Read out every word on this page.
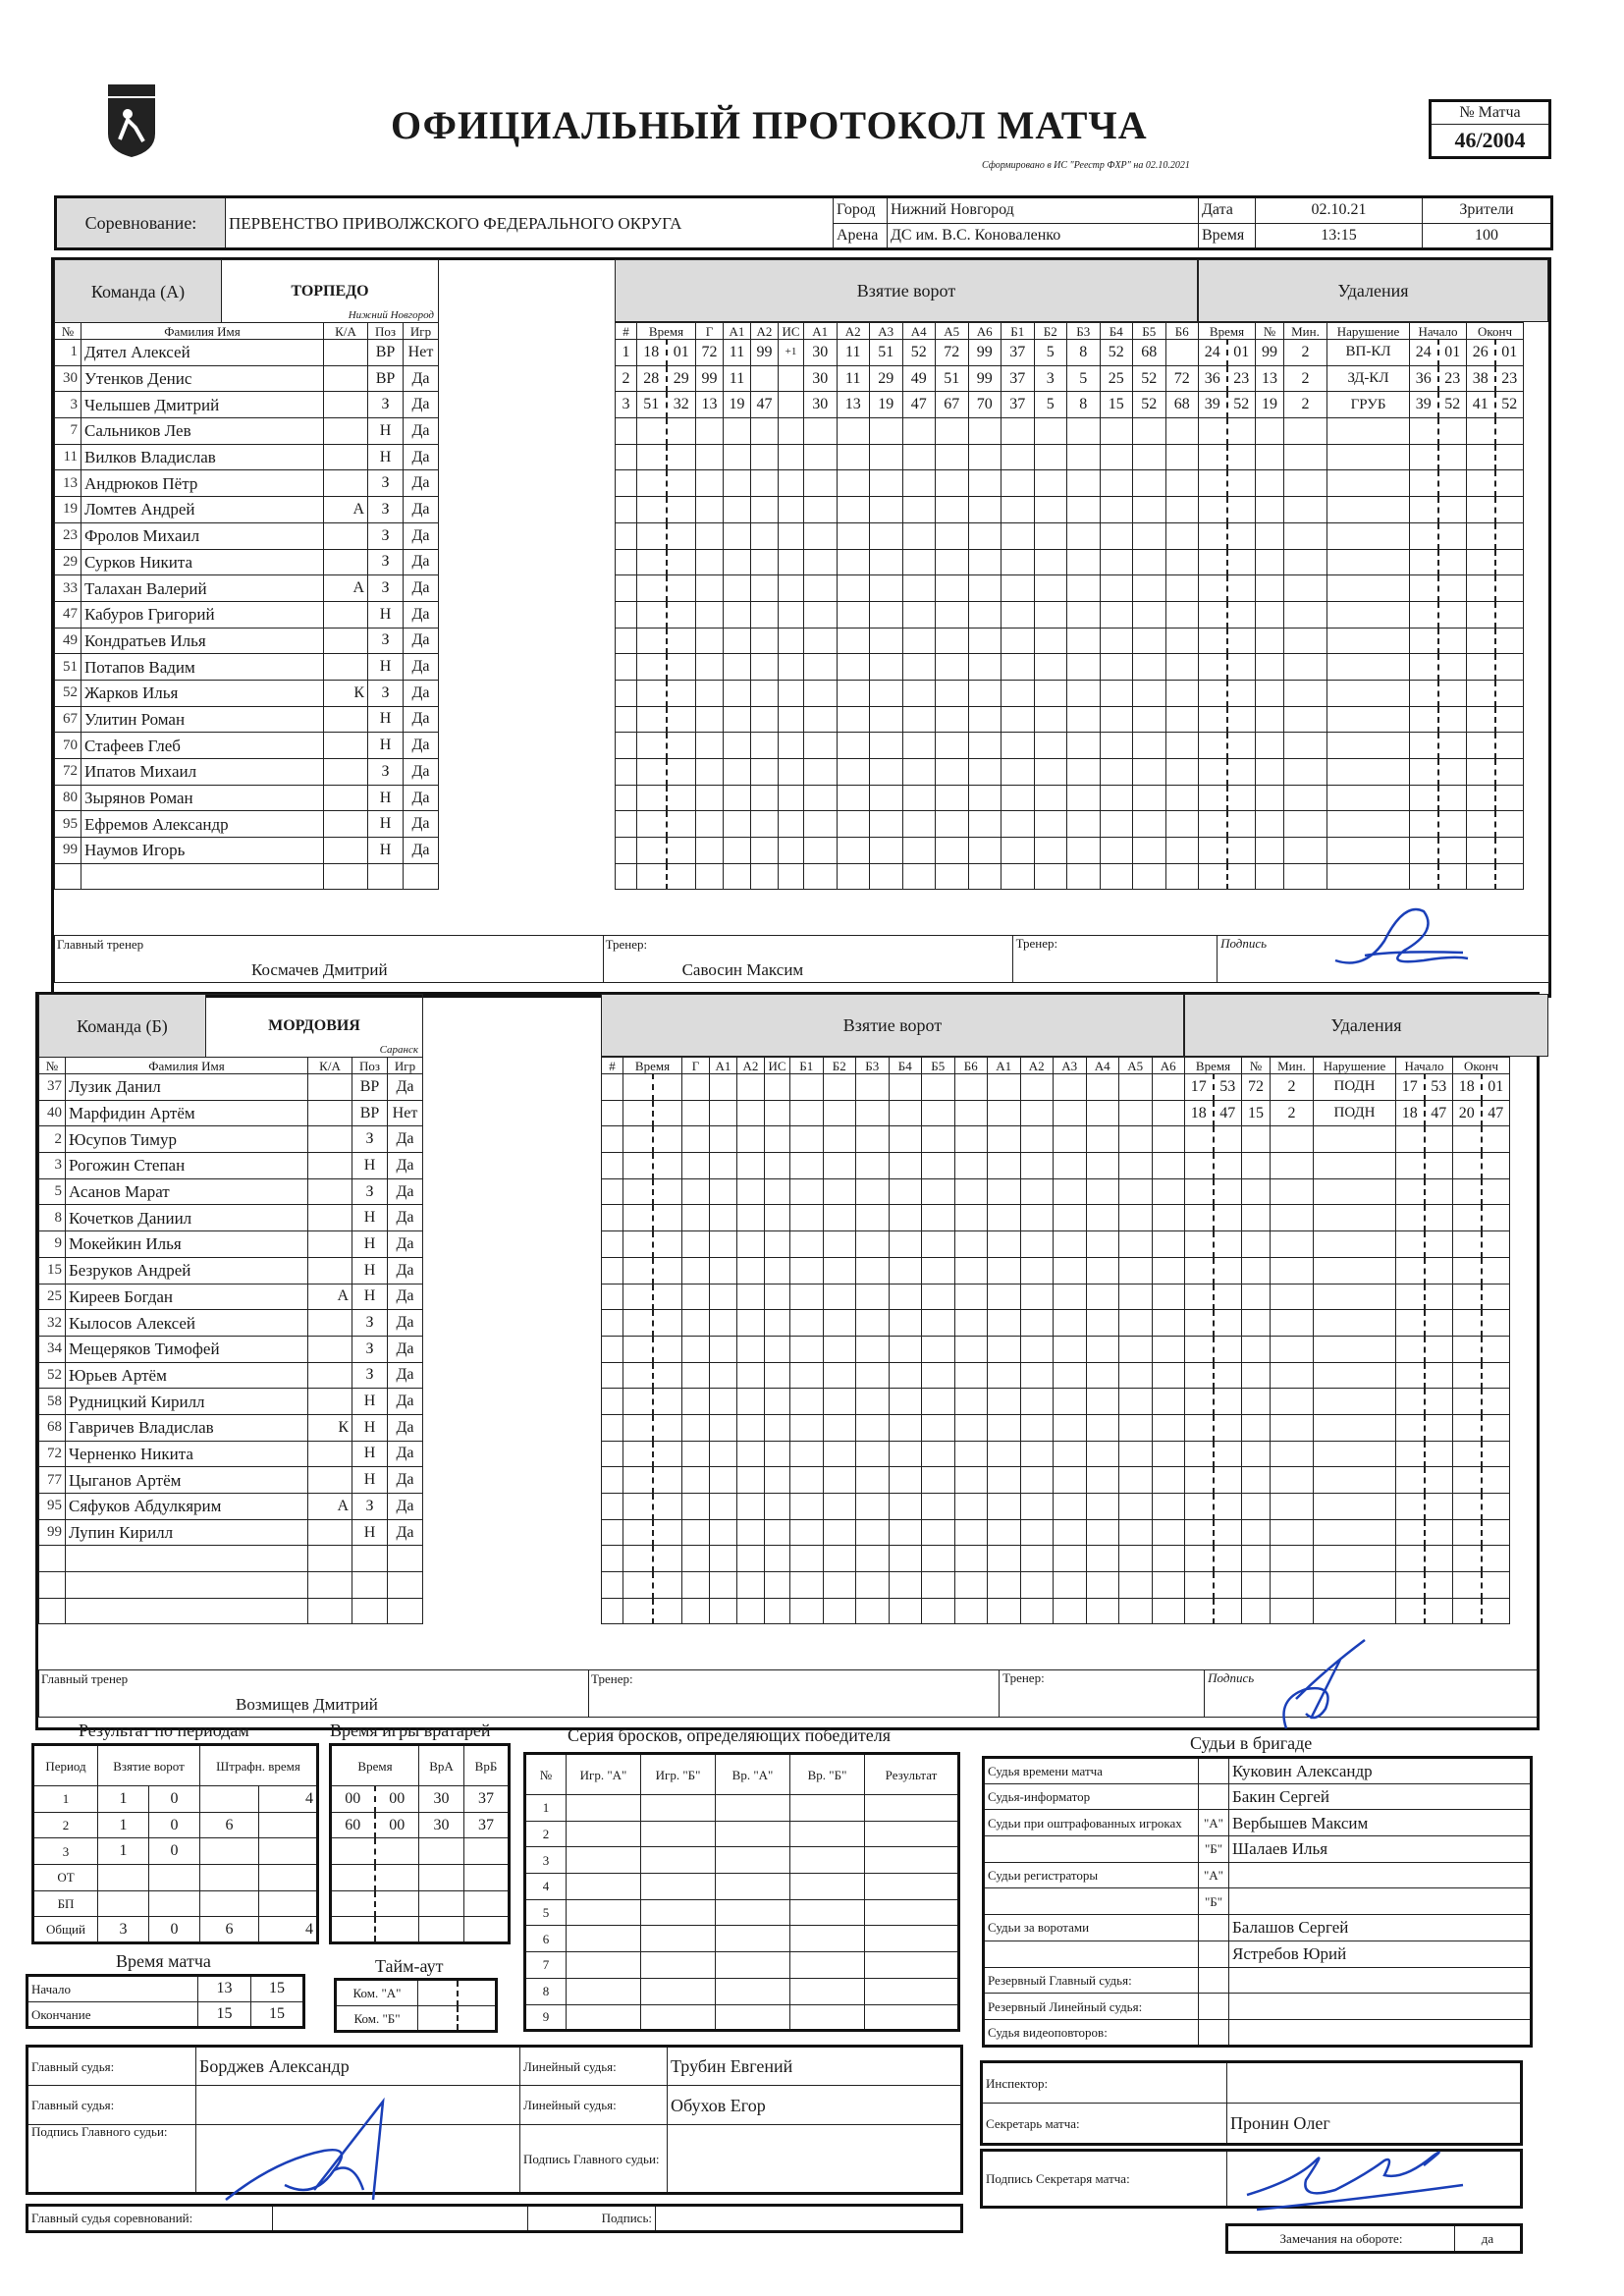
ОФИЦИАЛЬНЫЙ ПРОТОКОЛ МАТЧА
Сформировано в ИС "Реестр ФХР" на 02.10.2021
№ Матча
46/2004
Соревнование:	ПЕРВЕНСТВО ПРИВОЛЖСКОГО ФЕДЕРАЛЬНОГО ОКРУГА	Город	Нижний Новгород	Дата	02.10.21	Зрители
		Арена	ДС им. В.С. Коноваленко	Время	13:15	100
Команда (А)	ТОРПЕДО
Нижний Новгород
№	Фамилия Имя	К/А	Поз	Игр
1	Дятел Алексей		ВР	Нет
30	Утенков Денис		ВР	Да
3	Челышев Дмитрий		З	Да
7	Сальников Лев		Н	Да
11	Вилков Владислав		Н	Да
13	Андрюков Пётр		З	Да
19	Ломтев Андрей	А	З	Да
23	Фролов Михаил		З	Да
29	Сурков Никита		З	Да
33	Талахан Валерий	А	З	Да
47	Кабуров Григорий		Н	Да
49	Кондратьев Илья		З	Да
51	Потапов Вадим		Н	Да
52	Жарков Илья	К	З	Да
67	Улитин Роман		Н	Да
70	Стафеев Глеб		Н	Да
72	Ипатов Михаил		З	Да
80	Зырянов Роман		Н	Да
95	Ефремов Александр		Н	Да
99	Наумов Игорь		Н	Да

Взятие ворот
#	Время		Г	А1	А2	ИС	А1	А2	А3	А4	А5	А6	Б1	Б2	Б3	Б4	Б5	Б6
1	18	01	72	11	99	+1	30	11	51	52	72	99	37	5	8	52	68	
2	28	29	99	11			30	11	29	49	51	99	37	3	5	25	52	72
3	51	32	13	19	47		30	13	19	47	67	70	37	5	8	15	52	68

Удаления
Время		№	Мин.	Нарушение	Начало		Оконч	
24	01	99	2	ВП-КЛ	24	01	26	01
36	23	13	2	ЗД-КЛ	36	23	38	23
39	52	19	2	ГРУБ	39	52	41	52

Главный тренер
Космачев Дмитрий

Тренер:
Савосин Максим
	Тренер:	Подпись
Команда (Б)	МОРДОВИЯ
Саранск
№	Фамилия Имя	К/А	Поз	Игр
37	Лузик Данил		ВР	Да
40	Марфидин Артём		ВР	Нет
2	Юсупов Тимур		З	Да
3	Рогожин Степан		Н	Да
5	Асанов Марат		З	Да
8	Кочетков Даниил		Н	Да
9	Мокейкин Илья		Н	Да
15	Безруков Андрей		Н	Да
25	Киреев Богдан	А	Н	Да
32	Кылосов Алексей		З	Да
34	Мещеряков Тимофей		З	Да
52	Юрьев Артём		З	Да
58	Рудницкий Кирилл		Н	Да
68	Гавричев Владислав	К	Н	Да
72	Черненко Никита		Н	Да
77	Цыганов Артём		Н	Да
95	Сяфуков Абдулкярим	А	З	Да
99	Лупин Кирилл		Н	Да

Взятие ворот
#	Время		Г	А1	А2	ИС	Б1	Б2	Б3	Б4	Б5	Б6	А1	А2	А3	А4	А5	А6

Удаления
Время		№	Мин.	Нарушение	Начало		Оконч	
17	53	72	2	ПОДН	17	53	18	01
18	47	15	2	ПОДН	18	47	20	47

Главный тренер
Возмищев Дмитрий

Тренер:	Тренер:	Подпись
Результат по периодам
Период	Взятие ворот		Штрафн. время	
1	1	0		4
2	1	0	6	
3	1	0		
ОТ				
БП				
Общий	3	0	6	4
Время игры вратарей
Время		ВрА	ВрБ
00	00	30	37
60	00	30	37

Время матча
Начало	13	15
Окончание	15	15
Тайм-аут
Ком. "А"		
Ком. "Б"		
Серия бросков, определяющих победителя
№	Игр. "А"	Игр. "Б"	Вр. "А"	Вр. "Б"	Результат
1					
2					
3					
4					
5					
6					
7					
8					
9					
Судьи в бригаде
Судья времени матча		Куковин Александр
Судья-информатор		Бакин Сергей
Судьи при оштрафованных игроках	"А"	Вербышев Максим
	"Б"	Шалаев Илья
Судьи регистраторы	"А"	
	"Б"	
Судьи за воротами		Балашов Сергей
		Ястребов Юрий
Резервный Главный судья:		
Резервный Линейный судья:		
Судья видеоповторов:		
Главный судья:	Борджев Александр	Линейный судья:	Трубин Евгений
Главный судья:		Линейный судья:	Обухов Егор
Подпись Главного судьи:		Подпись Главного судьи:	
Инспектор:	
Секретарь матча:	Пронин Олег
Подпись Секретаря матча:	
Главный судья соревнований:		Подпись:	
Замечания на обороте:	да
